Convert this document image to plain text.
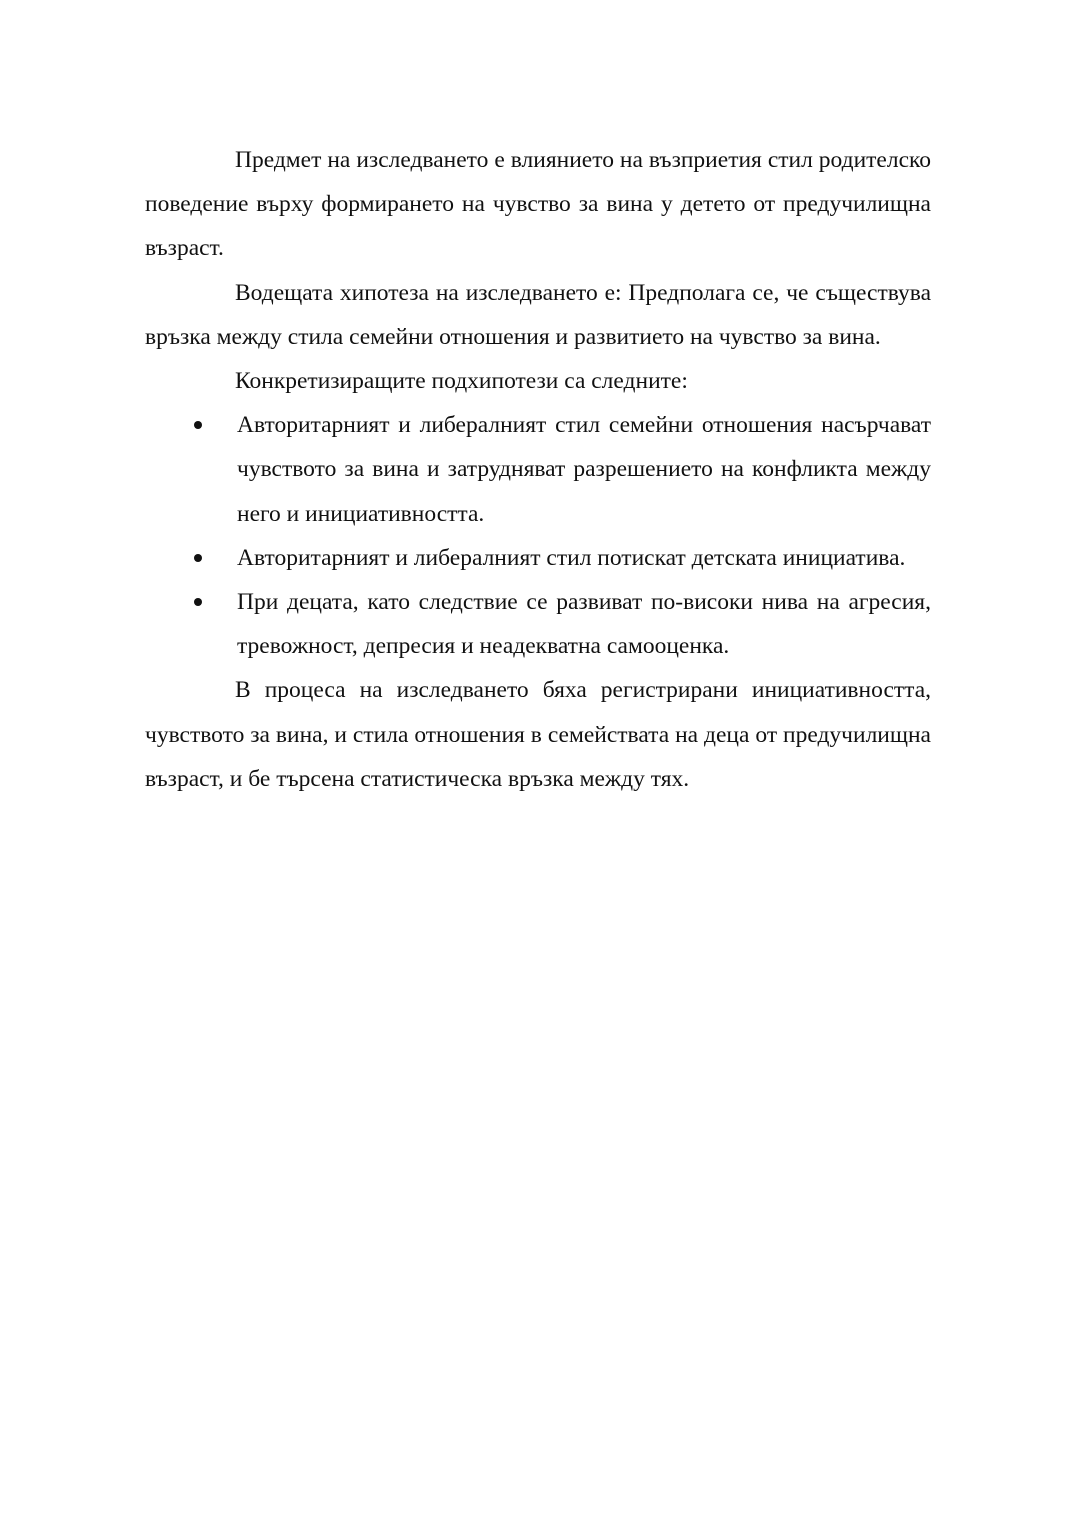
Предмет на изследването е влиянието на възприетия стил родителско поведение върху формирането на чувство за вина у детето от предучилищна възраст.

Водещата хипотеза на изследването е: Предполага се, че съществува връзка между стила семейни отношения и развитието на чувство за вина.

Конкретизиращите подхипотези са следните:

Авторитарният и либералният стил семейни отношения насърчават чувството за вина и затрудняват разрешението на конфликта между него и инициативността.
Авторитарният и либералният стил потискат детската инициатива.
При децата, като следствие се развиват по-високи нива на агресия, тревожност, депресия и неадекватна самооценка.

В процеса на изследването бяха регистрирани инициативността, чувството за вина, и стила отношения в семействата на деца от предучилищна възраст, и бе търсена статистическа връзка между тях.
